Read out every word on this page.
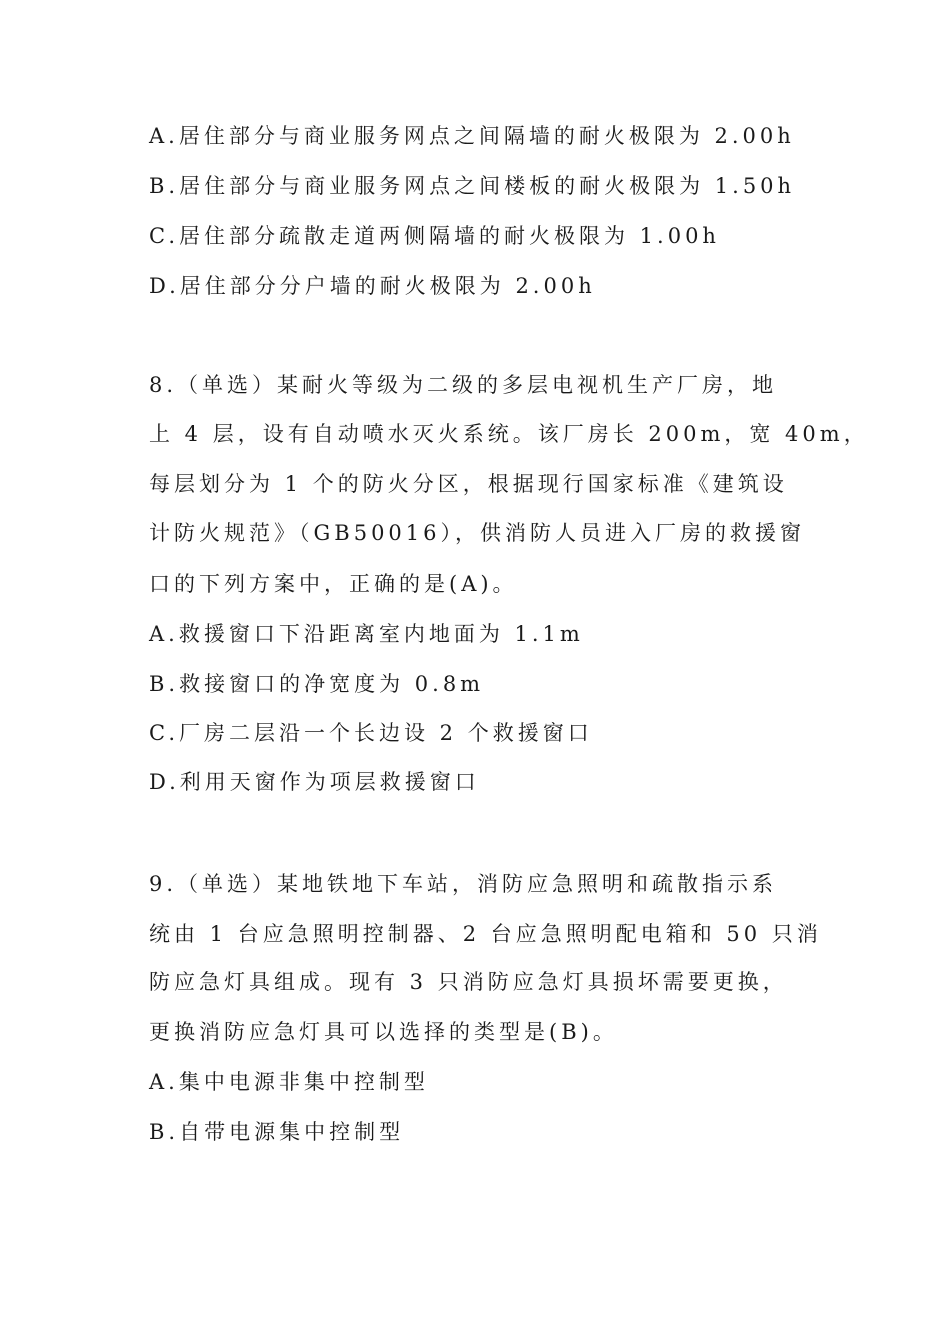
A.居住部分与商业服务网点之间隔墙的耐火极限为 2.00h

B.居住部分与商业服务网点之间楼板的耐火极限为 1.50h

C.居住部分疏散走道两侧隔墙的耐火极限为 1.00h

D.居住部分分户墙的耐火极限为 2.00h

8.（单选）某耐火等级为二级的多层电视机生产厂房，地

上 4 层，设有自动喷水灭火系统。该厂房长 200m，宽 40m，

每层划分为 1 个的防火分区，根据现行国家标准《建筑设

计防火规范》（GB50016），供消防人员进入厂房的救援窗

口的下列方案中，正确的是(A)。

A.救援窗口下沿距离室内地面为 1.1m

B.救接窗口的净宽度为 0.8m

C.厂房二层沿一个长边设 2 个救援窗口

D.利用天窗作为项层救援窗口

9.（单选）某地铁地下车站，消防应急照明和疏散指示系

统由 1 台应急照明控制器、2 台应急照明配电箱和 50 只消

防应急灯具组成。现有 3 只消防应急灯具损坏需要更换，

更换消防应急灯具可以选择的类型是(B)。

A.集中电源非集中控制型

B.自带电源集中控制型
